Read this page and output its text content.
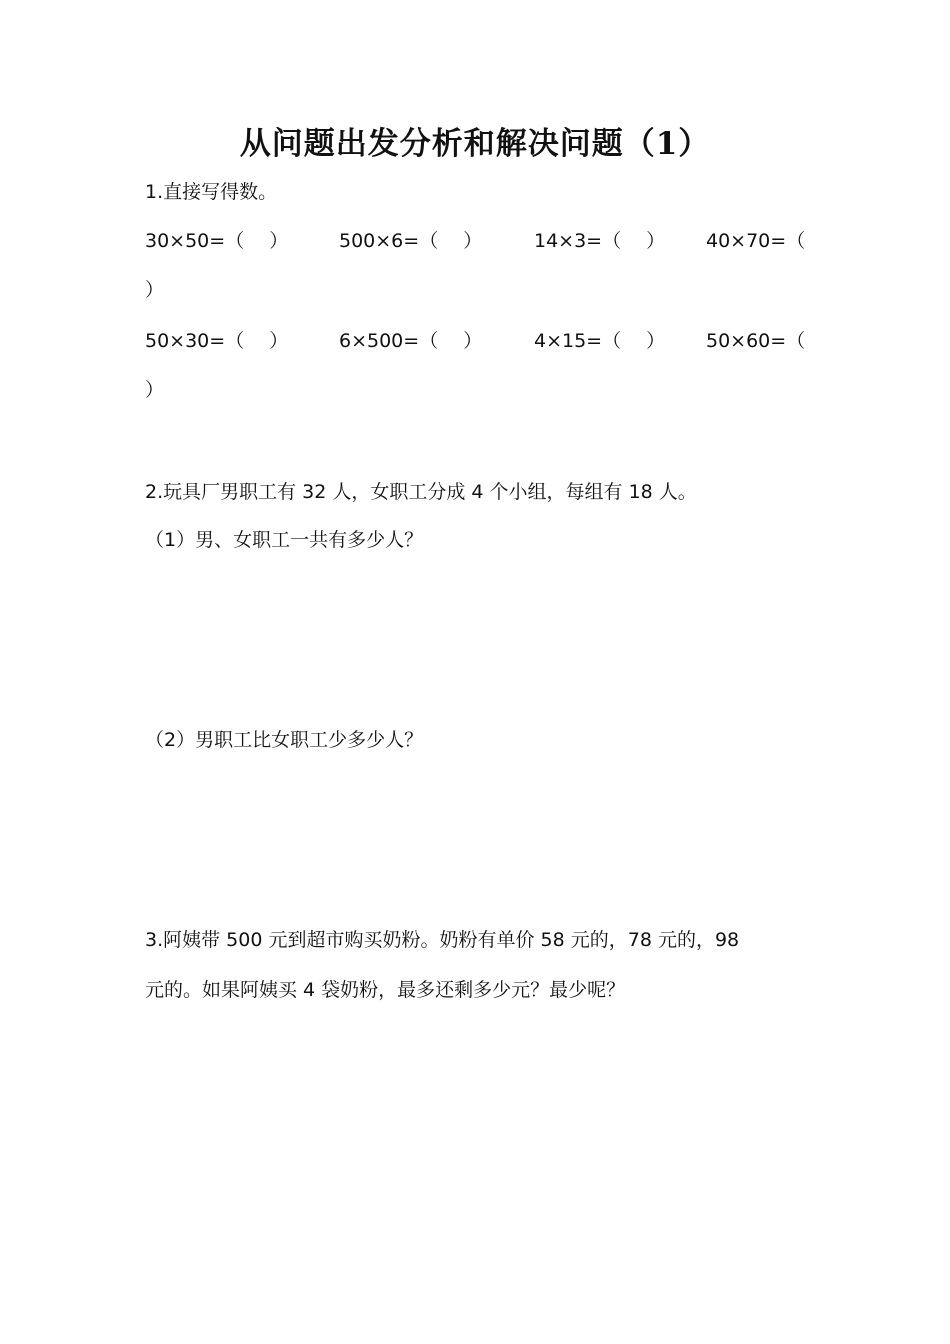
从问题出发分析和解决问题（1）
1.直接写得数。
30×50=（　 ）	500×6=（　 ）	14×3=（　 ） 40×70=（
）
50×30=（　 ）	6×500=（　 ）	4×15=（　 ） 50×60=（
）
2.玩具厂男职工有 32 人，女职工分成 4 个小组，每组有 18 人。
（1）男、女职工一共有多少人？
（2）男职工比女职工少多少人？
3.阿姨带 500 元到超市购买奶粉。奶粉有单价 58 元的，78 元的，98
元的。如果阿姨买 4 袋奶粉，最多还剩多少元？最少呢？
